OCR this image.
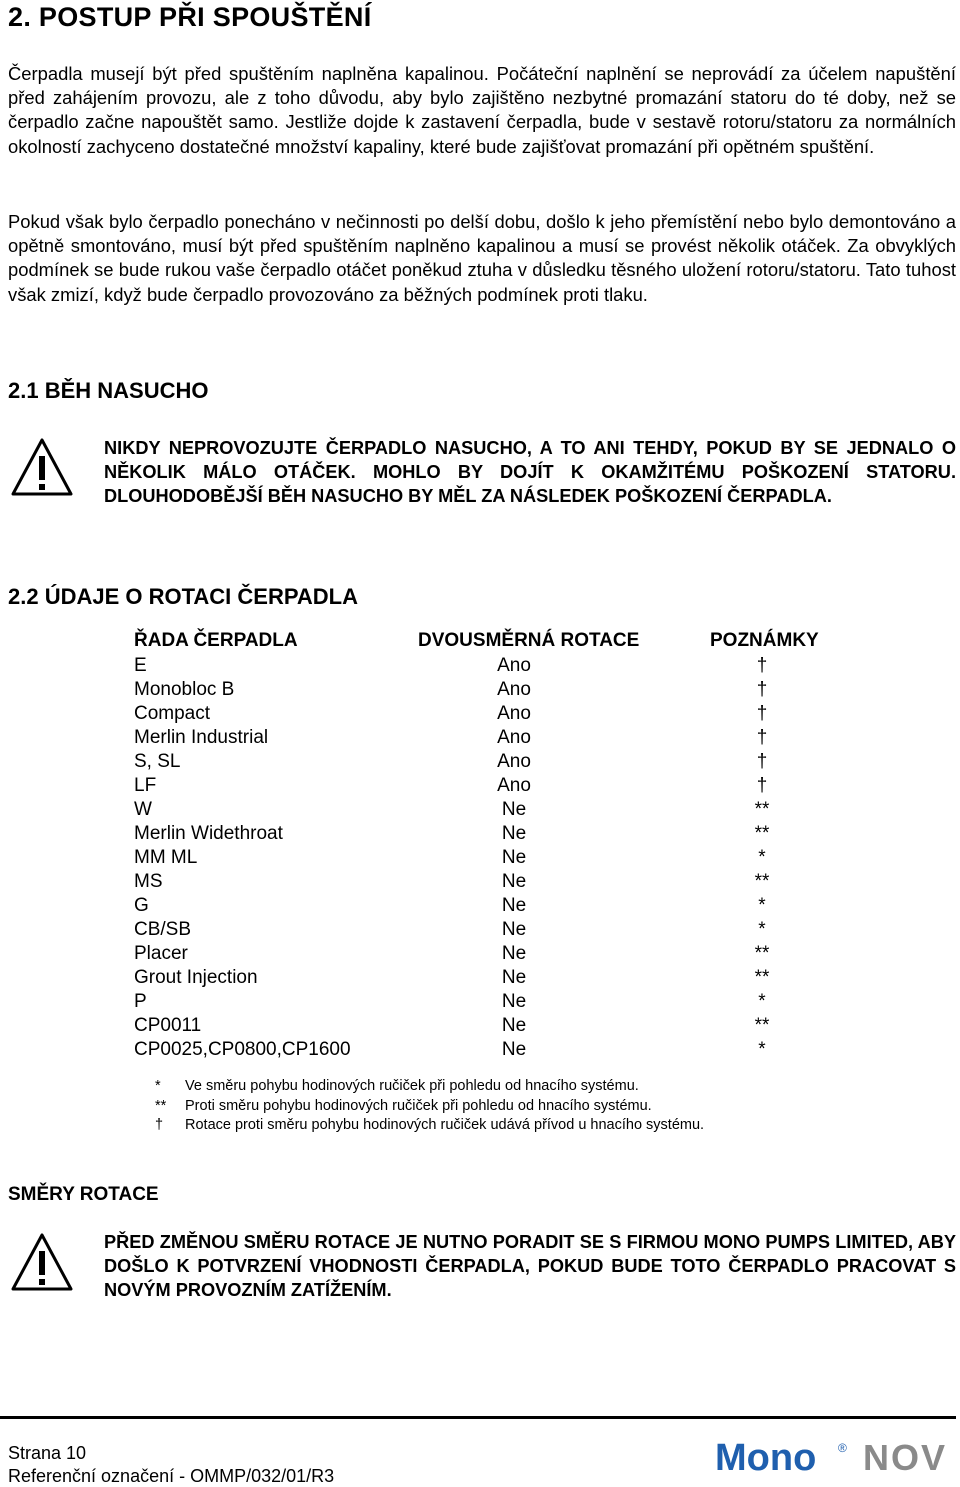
2. POSTUP PŘI SPOUŠTĚNÍ
Čerpadla musejí být před spuštěním naplněna kapalinou. Počáteční naplnění se neprovádí za účelem napuštění před zahájením provozu, ale z toho důvodu, aby bylo zajištěno nezbytné promazání statoru do té doby, než se čerpadlo začne napouštět samo. Jestliže dojde k zastavení čerpadla, bude v sestavě rotoru/statoru za normálních okolností zachyceno dostatečné množství kapaliny, které bude zajišťovat promazání při opětném spuštění.
Pokud však bylo čerpadlo ponecháno v nečinnosti po delší dobu, došlo k jeho přemístění nebo bylo demontováno a opětně smontováno, musí být před spuštěním naplněno kapalinou a musí se provést několik otáček. Za obvyklých podmínek se bude rukou vaše čerpadlo otáčet poněkud ztuha v důsledku těsného uložení rotoru/statoru. Tato tuhost však zmizí, když bude čerpadlo provozováno za běžných podmínek proti tlaku.
2.1 BĚH NASUCHO
NIKDY NEPROVOZUJTE ČERPADLO NASUCHO, A TO ANI TEHDY, POKUD BY SE JEDNALO O NĚKOLIK MÁLO OTÁČEK. MOHLO BY DOJÍT K OKAMŽITÉMU POŠKOZENÍ STATORU. DLOUHODOBĚJŠÍ BĚH NASUCHO BY MĚL ZA NÁSLEDEK POŠKOZENÍ ČERPADLA.
2.2 ÚDAJE O ROTACI ČERPADLA
ŘADA ČERPADLA	DVOUSMĚRNÁ ROTACE	POZNÁMKY
E	Ano	†
Monobloc B	Ano	†
Compact	Ano	†
Merlin Industrial	Ano	†
S, SL	Ano	†
LF	Ano	†
W	Ne	**
Merlin Widethroat	Ne	**
MM ML	Ne	*
MS	Ne	**
G	Ne	*
CB/SB	Ne	*
Placer	Ne	**
Grout Injection	Ne	**
P	Ne	*
CP0011	Ne	**
CP0025,CP0800,CP1600	Ne	*
* Ve směru pohybu hodinových ručiček při pohledu od hnacího systému.
** Proti směru pohybu hodinových ručiček při pohledu od hnacího systému.
† Rotace proti směru pohybu hodinových ručiček udává přívod u hnacího systému.
SMĚRY ROTACE
PŘED ZMĚNOU SMĚRU ROTACE JE NUTNO PORADIT SE S FIRMOU MONO PUMPS LIMITED, ABY DOŠLO K POTVRZENÍ VHODNOSTI ČERPADLA, POKUD BUDE TOTO ČERPADLO PRACOVAT S NOVÝM PROVOZNÍM ZATÍŽENÍM.
Strana 10
Referenční označení - OMMP/032/01/R3	Mono ® NOV
